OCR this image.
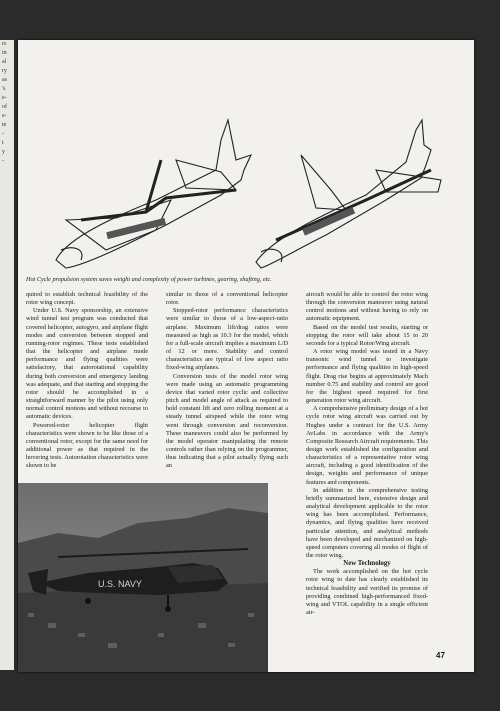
rs
in
al
ry
as
's
e-
of
e-
te
-
t
y
-
Hot Cycle propulsion system saves weight and complexity of power turbines, gearing, shafting, etc.

quired to establish technical feasibility of the rotor wing concept.

Under U.S. Navy sponsorship, an extensive wind tunnel test program was conducted that covered helicopter, autogyro, and airplane flight modes and conversion between stopped and running-rotor regimes. These tests established that the helicopter and airplane mode performance and flying qualities were satisfactory, that autorotational capability during both conversion and emergency landing was adequate, and that starting and stopping the rotor should be accomplished in a straightforward manner by the pilot using only normal control motions and without recourse to automatic devices.

Powered-rotor helicopter flight characteristics were shown to be like those of a conventional rotor, except for the same need for additional power as that required in the hovering tests. Autorotation characteristics were shown to be

similar to those of a conventional helicopter rotor.

Stopped-rotor performance characteristics were similar to those of a low-aspect-ratio airplane. Maximum lift/drag ratios were measured as high as 10.3 for the model, which for a full-scale aircraft implies a maximum L/D of 12 or more. Stability and control characteristics are typical of low aspect ratio fixed-wing airplanes.

Conversion tests of the model rotor wing were made using an automatic programming device that varied rotor cyclic and collective pitch and model angle of attack as required to hold constant lift and zero rolling moment at a steady tunnel airspeed while the rotor wing went through conversion and reconversion. These maneuvers could also be performed by the model operator manipulating the remote controls rather than relying on the programmer, thus indicating that a pilot actually flying such an

aircraft would be able to control the rotor wing through the conversion maneuver using natural control motions and without having to rely on automatic equipment.

Based on the model test results, starting or stopping the rotor will take about 15 to 20 seconds for a typical Rotor/Wing aircraft.

A rotor wing model was tested in a Navy transonic wind tunnel to investigate performance and flying qualities in high-speed flight. Drag rise begins at approximately Mach number 0.75 and stability and control are good for the highest speed required for first generation rotor wing aircraft.

A comprehensive preliminary design of a hot cycle rotor wing aircraft was carried out by Hughes under a contract for the U.S. Army AvLabs in accordance with the Army's Composite Research Aircraft requirements. This design work established the configuration and characteristics of a representative rotor wing aircraft, including a good identification of the design, weights and performance of unique features and components.

In addition to the comprehensive testing briefly summarized here, extensive design and analytical development applicable to the rotor wing has been accomplished. Performance, dynamics, and flying qualities have received particular attention, and analytical methods have been developed and mechanized on high-speed computers covering all modes of flight of the rotor wing.

New Technology

The work accomplished on the hot cycle rotor wing to date has clearly established its technical feasibility and verified its promise of providing combined high-performanced fixed-wing and VTOL capability in a single efficient air-

U.S. NAVY
47
